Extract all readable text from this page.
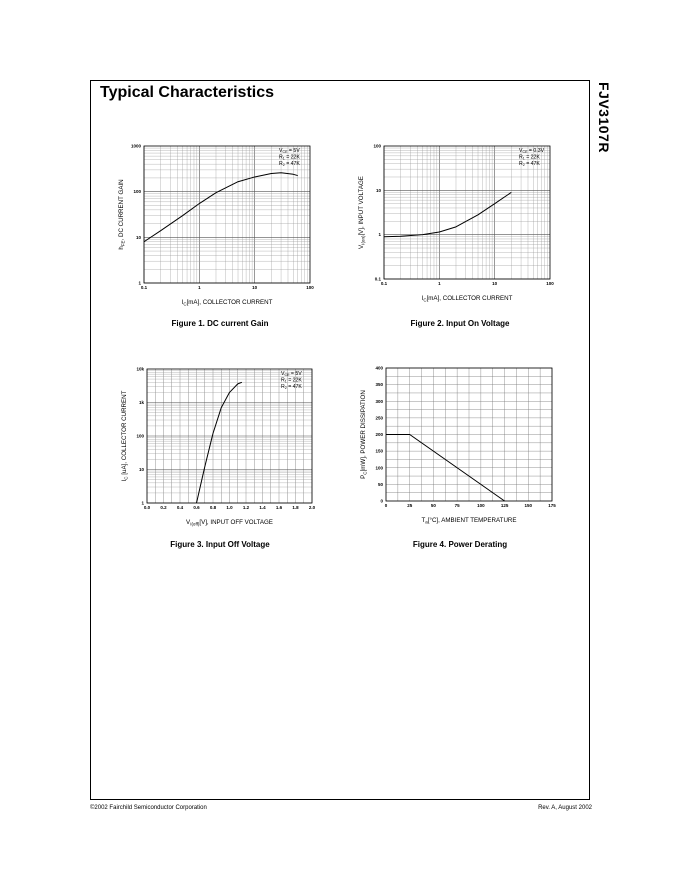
Typical Characteristics	FJV3107R
0.1	1	10	100
1
10
100
1000
$I_C[mA]$, COLLECTOR CURRENT
$h_{FE}$, DC CURRENT GAIN
$V_{CE} = 5V$
$R_1 = 22K$
$R_2 = 47K$
0.1	1	10	100
0.1
1
10
100
$I_C[mA]$, COLLECTOR CURRENT
$V_{I(on)}[V]$, INPUT VOLTAGE
$V_{CE} = 0.3V$
$R_1 = 22K$
$R_2 = 47K$
0.0 0.2 0.4 0.6 0.8 1.0 1.2 1.4 1.6 1.8 2.0
1
10
100
1k
10k
$V_{I(off)}[V]$, INPUT OFF VOLTAGE
$I_C$ [uA], COLLECTOR CURRENT
$V_{CE} = 5V$
$R_1 = 22K$
$R_2 = 47K$
0	25	50	75	100	125	150	175
0
50
100
150
200
250
300
350
400
$T_a[^\circ C]$, AMBIENT TEMPERATURE
$P_C[mW]$, POWER DISSIPATION
Figure 1. DC current Gain	Figure 2. Input On Voltage
Figure 3. Input Off Voltage	Figure 4. Power Derating
©2002 Fairchild Semiconductor Corporation	Rev. A, August 2002
